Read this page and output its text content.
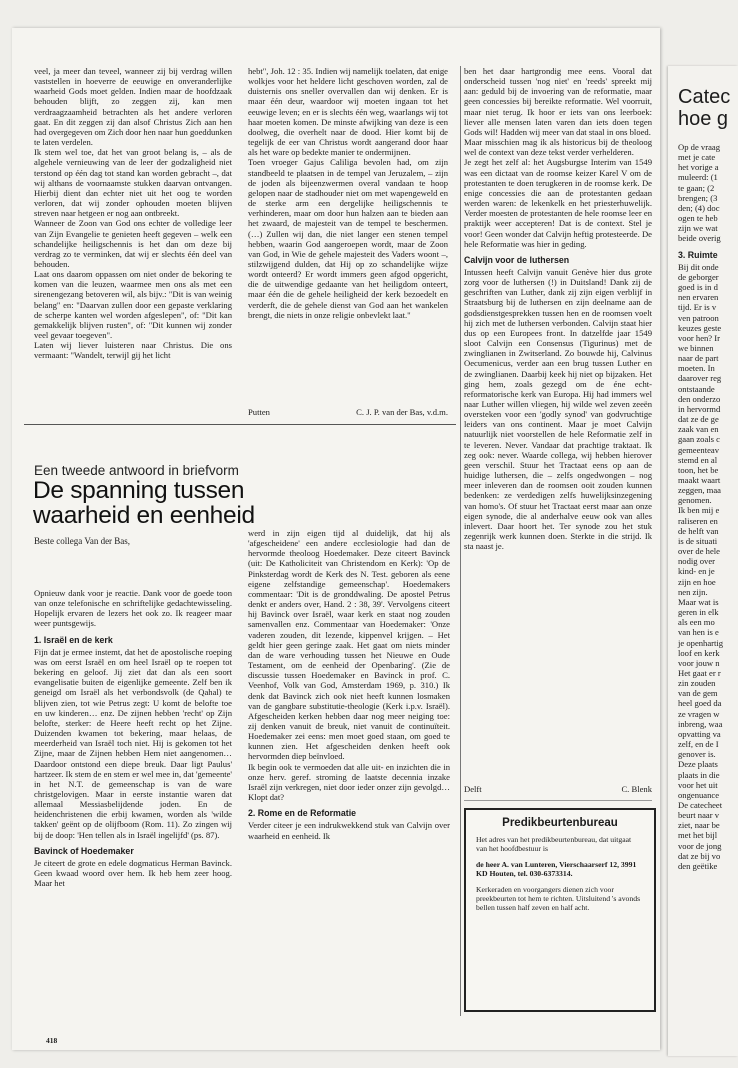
veel, ja meer dan teveel, wanneer zij bij verdrag willen vaststellen in hoeverre de eeuwige en onveranderlijke waarheid Gods moet gelden. Indien maar de hoofdzaak behouden blijft, zo zeggen zij, kan men verdraagzaamheid betrachten als het andere verloren gaat. En dit zeggen zij dan alsof Christus Zich aan hen had overgegeven om Zich door hen naar hun goeddunken te laten verdelen.

Ik stem wel toe, dat het van groot belang is, – als de algehele vernieuwing van de leer der godzaligheid niet terstond op één dag tot stand kan worden gebracht –, dat wij althans de voornaamste stukken daarvan ontvangen. Hierbij dient dan echter niet uit het oog te worden verloren, dat wij zonder ophouden moeten blijven streven naar hetgeen er nog aan ontbreekt.

Wanneer de Zoon van God ons echter de volledige leer van Zijn Evangelie te genieten heeft gegeven – welk een schandelijke heiligschennis is het dan om deze bij verdrag zo te verminken, dat wij er slechts één deel van behouden.

Laat ons daarom oppassen om niet onder de bekoring te komen van die leuzen, waarmee men ons als met een sirenengezang betoveren wil, als bijv.: "Dit is van weinig belang" en: "Daarvan zullen door een gepaste verklaring de scherpe kanten wel worden afgeslepen", of: "Dit kan gemakkelijk blijven rusten", of: "Dit kunnen wij zonder veel gevaar toegeven".

Laten wij liever luisteren naar Christus. Die ons vermaant: "Wandelt, terwijl gij het licht

hebt", Joh. 12 : 35. Indien wij namelijk toelaten, dat enige wolkjes voor het heldere licht geschoven worden, zal de duisternis ons sneller overvallen dan wij denken. Er is maar één deur, waardoor wij moeten ingaan tot het eeuwige leven; en er is slechts één weg, waarlangs wij tot haar moeten komen. De minste afwijking van deze is een doolweg, die overhelt naar de dood. Hier komt bij de tegelijk de eer van Christus wordt aangerand door haar als het ware op bedekte manier te ondermijnen.

Toen vroeger Gajus Caliliga bevolen had, om zijn standbeeld te plaatsen in de tempel van Jeruzalem, – zijn de joden als bijeenzwermen overal vandaan te hoop gelopen naar de stadhouder niet om met wapengeweld en de sterke arm een dergelijke heiligschennis te verhinderen, maar om door hun halzen aan te bieden aan het zwaard, de majesteit van de tempel te beschermen. (…) Zullen wij dan, die niet langer een stenen tempel hebben, waarin God aangeroepen wordt, maar de Zoon van God, in Wie de gehele majesteit des Vaders woont –, stilzwijgend dulden, dat Hij op zo schandelijke wijze wordt onteerd? Er wordt immers geen afgod opgericht, die de uitwendige gedaante van het heiligdom onteert, maar één die de gehele heiligheid der kerk bezoedelt en verderft, die de gehele dienst van God aan het wankelen brengt, die niets in onze religie onbevlekt laat."

Putten	C. J. P. van der Bas, v.d.m.

Opnieuw dank voor je reactie. Dank voor de goede toon van onze telefonische en schriftelijke gedachtewisseling. Hopelijk ervaren de lezers het ook zo. Ik reageer maar weer puntsgewijs.

1. Israël en de kerk

Fijn dat je ermee instemt, dat het de apostolische roeping was om eerst Israël en om heel Israël op te roepen tot bekering en geloof. Jij ziet dat dan als een soort evangelisatie buiten de eigenlijke gemeente. Zelf ben ik geneigd om Israël als het verbondsvolk (de Qahal) te blijven zien, tot wie Petrus zegt: U komt de belofte toe en uw kinderen… enz. De zijnen hebben 'recht' op Zijn belofte, sterker: de Heere heeft recht op het Zijne. Duizenden kwamen tot bekering, maar helaas, de meerderheid van Israël toch niet. Hij is gekomen tot het Zijne, maar de Zijnen hebben Hem niet aangenomen… Daardoor ontstond een diepe breuk. Daar ligt Paulus' hartzeer. Ik stem de en stem er wel mee in, dat 'gemeente' in het N.T. de gemeenschap is van de ware christgelovigen. Maar in eerste instantie waren dat allemaal Messiasbelijdende joden. En de heidenchristenen die erbij kwamen, worden als 'wilde takken' geënt op de olijfboom (Rom. 11). Zo zingen wij bij de doop: 'Hen tellen als in Israël ingelijfd' (ps. 87).

Bavinck of Hoedemaker

Je citeert de grote en edele dogmaticus Herman Bavinck. Geen kwaad woord over hem. Ik heb hem zeer hoog. Maar het

werd in zijn eigen tijd al duidelijk, dat hij als 'afgescheidene' een andere ecclesiologie had dan de hervormde theoloog Hoedemaker. Deze citeert Bavinck (uit: De Katholiciteit van Christendom en Kerk): 'Op de Pinksterdag wordt de Kerk des N. Test. geboren als eene eigene zelfstandige gemeenschap'. Hoedemakers commentaar: 'Dit is de gronddwaling. De apostel Petrus denkt er anders over, Hand. 2 : 38, 39'. Vervolgens citeert hij Bavinck over Israël, waar kerk en staat nog zouden samenvallen enz. Commentaar van Hoedemaker: 'Onze vaderen zouden, dit lezende, kippenvel krijgen. – Het geldt hier geen geringe zaak. Het gaat om niets minder dan de ware verhouding tussen het Nieuwe en Oude Testament, om de eenheid der Openbaring'. (Zie de discussie tussen Hoedemaker en Bavinck in prof. C. Veenhof, Volk van God, Amsterdam 1969, p. 310.) Ik denk dat Bavinck zich ook niet heeft kunnen losmaken van de gangbare substitutie-theologie (Kerk i.p.v. Israël). Afgescheiden kerken hebben daar nog meer neiging toe: zij denken vanuit de breuk, niet vanuit de continuïteit. Hoedemaker zei eens: men moet goed staan, om goed te kunnen zien. Het afgescheiden denken heeft ook hervormden diep beïnvloed.

Ik begin ook te vermoeden dat alle uit- en inzichten die in onze herv. geref. stroming de laatste decennia inzake Israël zijn verkregen, niet door ieder onzer zijn gevolgd… Klopt dat?

2. Rome en de Reformatie

Verder citeer je een indrukwekkend stuk van Calvijn over waarheid en eenheid. Ik

ben het daar hartgrondig mee eens. Vooral dat onderscheid tussen 'nog niet' en 'reeds' spreekt mij aan: geduld bij de invoering van de reformatie, maar geen concessies bij bereikte reformatie. Wel voorruit, maar niet terug. Ik hoor er iets van ons leerboek: liever alle mensen laten varen dan iets doen tegen Gods wil! Hadden wij meer van dat staal in ons bloed.

Maar misschien mag ik als historicus bij de theoloog wel de context van deze tekst verder verhelderen.

Je zegt het zelf al: het Augsburgse Interim van 1549 was een dictaat van de roomse keizer Karel V om de protestanten te doen terugkeren in de roomse kerk. De enige concessies die aan de protestanten gedaan werden waren: de lekenkelk en het priesterhuwelijk. Verder moesten de protestanten de hele roomse leer en praktijk weer accepteren! Dat is de context. Stel je voor! Geen wonder dat Calvijn heftig protesteerde. De hele Reformatie was hier in geding.

Calvijn voor de luthersen

Intussen heeft Calvijn vanuit Genève hier dus grote zorg voor de luthersen (!) in Duitsland! Dank zij de geschriften van Luther, dank zij zijn eigen verblijf in Straatsburg bij de luthersen en zijn deelname aan de godsdienstgesprekken tussen hen en de roomsen voelt hij zich met de luthersen verbonden. Calvijn staat hier dus op een Europees front. In datzelfde jaar 1549 sloot Calvijn een Consensus (Tigurinus) met de zwinglianen in Zwitserland. Zo bouwde hij, Calvinus Oecumenicus, verder aan een brug tussen Luther en de zwinglianen. Daarbij keek hij niet op bijzaken. Het ging hem, zoals gezegd om de éne echt-reformatorische kerk van Europa. Hij had immers wel naar Luther willen vliegen, hij wilde wel zeven zeeën oversteken voor een 'godly synod' van godvruchtige leiders van ons continent. Maar je moet Calvijn natuurlijk niet voorstellen de hele Reformatie zelf in te leveren. Never. Vandaar dat prachtige traktaat. Ik zeg ook: never. Waarde collega, wij hebben hierover geen verschil. Stuur het Tractaat eens op aan de huidige luthersen, die – zelfs ongedwongen – nog meer inleveren dan de roomsen ooit zouden kunnen bedenken: ze verdedigen zelfs huwelijksinzegening van homo's. Of stuur het Tractaat eerst maar aan onze eigen synode, die al anderhalve eeuw ook van alles inlevert. Daar hoort het. Ter synode zou het stuk zegenrijk werk kunnen doen. Sterkte in die strijd. Ik sta naast je.

Delft	C. Blenk
418
Een tweede antwoord in briefvorm
De spanning tussen waarheid en eenheid
Beste collega Van der Bas,
Predikbeurtenbureau

Het adres van het predikbeurtenbureau, dat uitgaat van het hoofdbestuur is

de heer A. van Lunteren, Vierschaarserf 12, 3991 KD Houten, tel. 030-6373314.

Kerkeraden en voorgangers dienen zich voor preekbeurten tot hem te richten. Uitsluitend 's avonds bellen tussen half zeven en half acht.

Catec
hoe g

Op de vraag

met je cate

het vorige a

muleerd: (1

te gaan; (2

brengen; (3

den; (4) doc

ogen te heb

zijn we wat

beide overig

3. Ruimte

Bij dit onde

de geborger

goed is in d

nen ervaren

tijd. Er is v

ven patroon

keuzes geste

voor hen? Ir

we binnen

naar de part

moeten. In

daarover reg

ontstaande

den onderzo

in hervormd

dat ze de ge

zaak van en

gaan zoals c

gemeenteav

stemd en al

toon, het be

maakt waart

zeggen, maa

genomen.

Ik ben mij e

raliseren en

de helft van

is de situati

over de hele

nodig over

kind- en je

zijn en hoe

nen zijn.

Maar wat is

geren in elk

als een mo

van hen is e

je openhartig

loof en kerk

voor jouw n

Het gaat er r

zin zouden

van de gem

heel goed da

ze vragen w

inbreng, waa

opvatting va

zelf, en de I

genover is.

Deze plaats

plaats in die

voor het uit

ongenuance

De catecheet

beurt naar v

ziet, naar be

met het bijl

voor de jong

dat ze bij vo

den geëtike
